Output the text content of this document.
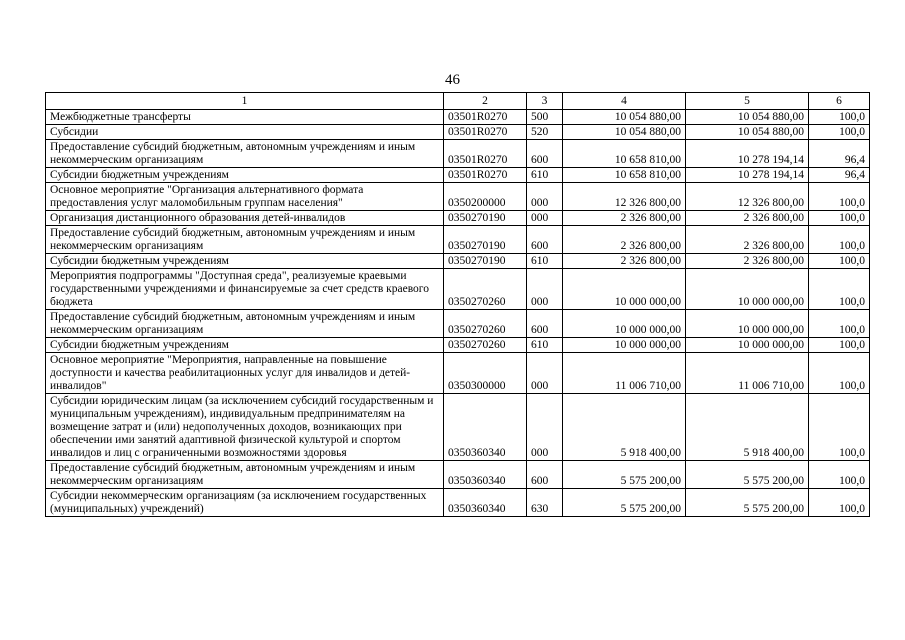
46
1	2	3	4	5	6
Межбюджетные трансферты	03501R0270	500	10 054 880,00	10 054 880,00	100,0
Субсидии	03501R0270	520	10 054 880,00	10 054 880,00	100,0
Предоставление субсидий бюджетным, автономным учреждениям и иным некоммерческим организациям	03501R0270	600	10 658 810,00	10 278 194,14	96,4
Субсидии бюджетным учреждениям	03501R0270	610	10 658 810,00	10 278 194,14	96,4
Основное мероприятие "Организация альтернативного формата предоставления услуг маломобильным группам населения"	0350200000	000	12 326 800,00	12 326 800,00	100,0
Организация дистанционного образования детей-инвалидов	0350270190	000	2 326 800,00	2 326 800,00	100,0
Предоставление субсидий бюджетным, автономным учреждениям и иным некоммерческим организациям	0350270190	600	2 326 800,00	2 326 800,00	100,0
Субсидии бюджетным учреждениям	0350270190	610	2 326 800,00	2 326 800,00	100,0
Мероприятия подпрограммы "Доступная среда", реализуемые краевыми государственными учреждениями и финансируемые за счет средств краевого бюджета	0350270260	000	10 000 000,00	10 000 000,00	100,0
Предоставление субсидий бюджетным, автономным учреждениям и иным некоммерческим организациям	0350270260	600	10 000 000,00	10 000 000,00	100,0
Субсидии бюджетным учреждениям	0350270260	610	10 000 000,00	10 000 000,00	100,0
Основное мероприятие "Мероприятия, направленные на повышение доступности и качества реабилитационных услуг для инвалидов и детей-инвалидов"	0350300000	000	11 006 710,00	11 006 710,00	100,0
Субсидии юридическим лицам (за исключением субсидий государственным и муниципальным учреждениям), индивидуальным предпринимателям на возмещение затрат и (или) недополученных доходов, возникающих при обеспечении ими занятий адаптивной физической культурой и спортом инвалидов и лиц с ограниченными возможностями здоровья	0350360340	000	5 918 400,00	5 918 400,00	100,0
Предоставление субсидий бюджетным, автономным учреждениям и иным некоммерческим организациям	0350360340	600	5 575 200,00	5 575 200,00	100,0
Субсидии некоммерческим организациям (за исключением государственных (муниципальных) учреждений)	0350360340	630	5 575 200,00	5 575 200,00	100,0
